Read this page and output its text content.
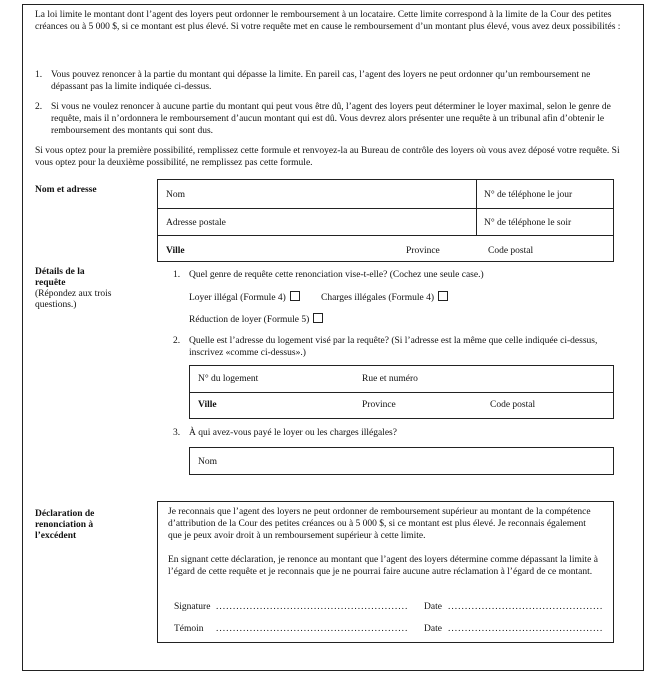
La loi limite le montant dont l’agent des loyers peut ordonner le remboursement à un locataire. Cette limite correspond à la limite de la Cour des petites créances ou à 5 000 $, si ce montant est plus élevé. Si votre requête met en cause le remboursement d’un montant plus élevé, vous avez deux possibilités :
1. Vous pouvez renoncer à la partie du montant qui dépasse la limite. En pareil cas, l’agent des loyers ne peut ordonner qu’un remboursement ne dépassant pas la limite indiquée ci-dessus.
2. Si vous ne voulez renoncer à aucune partie du montant qui peut vous être dû, l’agent des loyers peut déterminer le loyer maximal, selon le genre de requête, mais il n’ordonnera le remboursement d’aucun montant qui est dû. Vous devrez alors présenter une requête à un tribunal afin d’obtenir le remboursement des montants qui sont dus.
Si vous optez pour la première possibilité, remplissez cette formule et renvoyez-la au Bureau de contrôle des loyers où vous avez déposé votre requête. Si vous optez pour la deuxième possibilité, ne remplissez pas cette formule.
Nom et adresse	Nom	N° de téléphone le jour
Adresse postale	N° de téléphone le soir
Ville	Province	Code postal
Détails de la requête
(Répondez aux trois questions.)
1. Quel genre de requête cette renonciation vise-t-elle? (Cochez une seule case.)
Loyer illégal (Formule 4)	Charges illégales (Formule 4)
Réduction de loyer (Formule 5)
2. Quelle est l’adresse du logement visé par la requête? (Si l’adresse est la même que celle indiquée ci-dessus, inscrivez «comme ci-dessus».)
N° du logement	Rue et numéro
Ville	Province	Code postal
3. À qui avez-vous payé le loyer ou les charges illégales?
Nom
Déclaration de renonciation à l’excédent
Je reconnais que l’agent des loyers ne peut ordonner de remboursement supérieur au montant de la compétence d’attribution de la Cour des petites créances ou à 5 000 $, si ce montant est plus élevé. Je reconnais également que je peux avoir droit à un remboursement supérieur à cette limite.
En signant cette déclaration, je renonce au montant que l’agent des loyers détermine comme dépassant la limite à l’égard de cette requête et je reconnais que je ne pourrai faire aucune autre réclamation à l’égard de ce montant.
Signature .........................................................	Date ..............................................
Témoin .........................................................	Date ..............................................
